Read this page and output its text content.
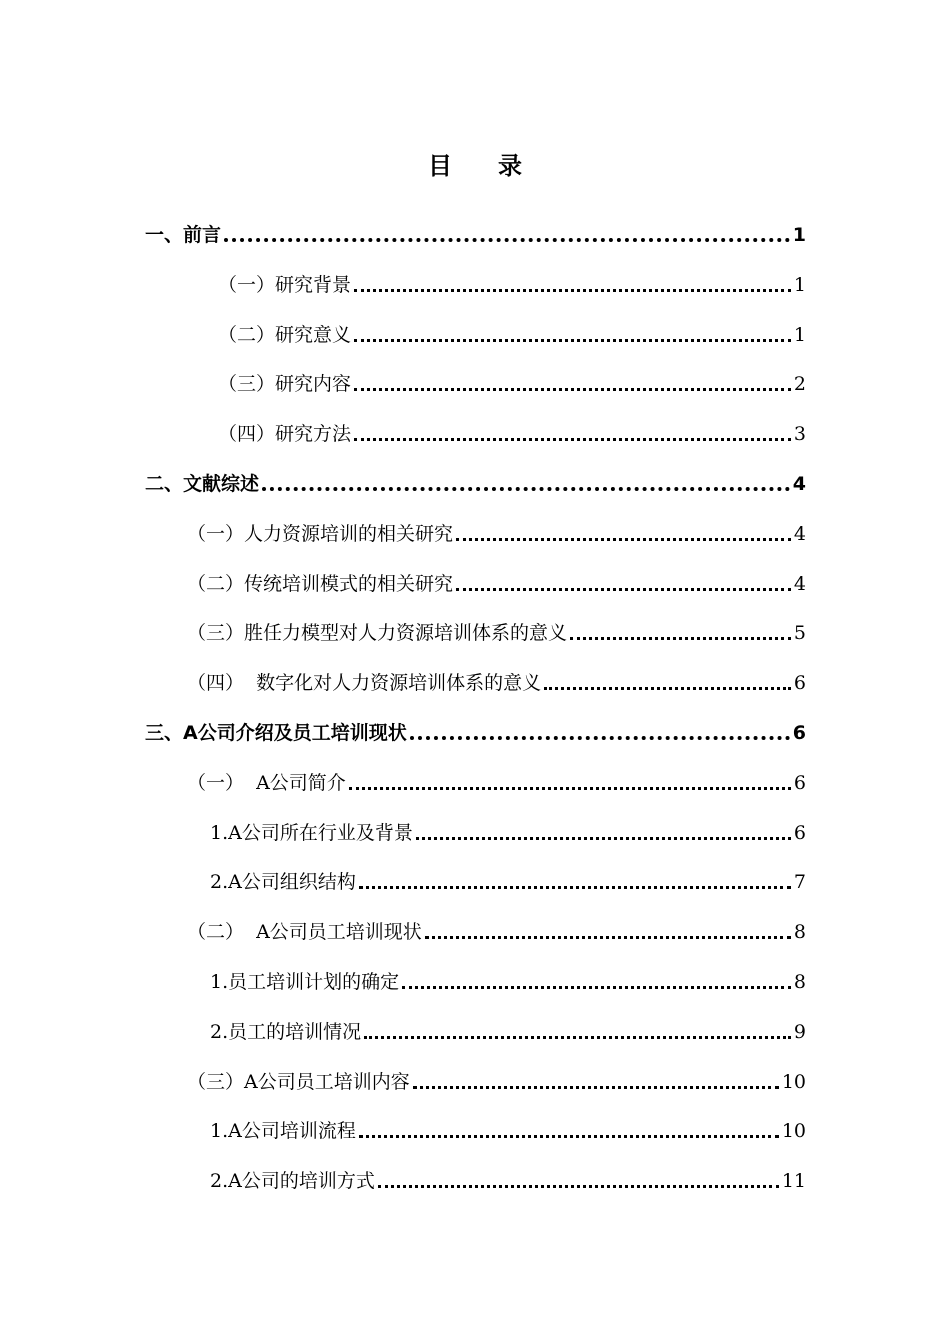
目录
一、前言	1
（一）研究背景	1
（二）研究意义	1
（三）研究内容	2
（四）研究方法	3
二、文献综述	4
（一）人力资源培训的相关研究	4
（二）传统培训模式的相关研究	4
（三）胜任力模型对人力资源培训体系的意义	5
（四）  数字化对人力资源培训体系的意义	6
三、A公司介绍及员工培训现状	6
（一）  A公司简介	6
1.A公司所在行业及背景	6
2.A公司组织结构	7
（二）  A公司员工培训现状	8
1.员工培训计划的确定	8
2.员工的培训情况	9
（三）A公司员工培训内容	10
1.A公司培训流程	10
2.A公司的培训方式	11
